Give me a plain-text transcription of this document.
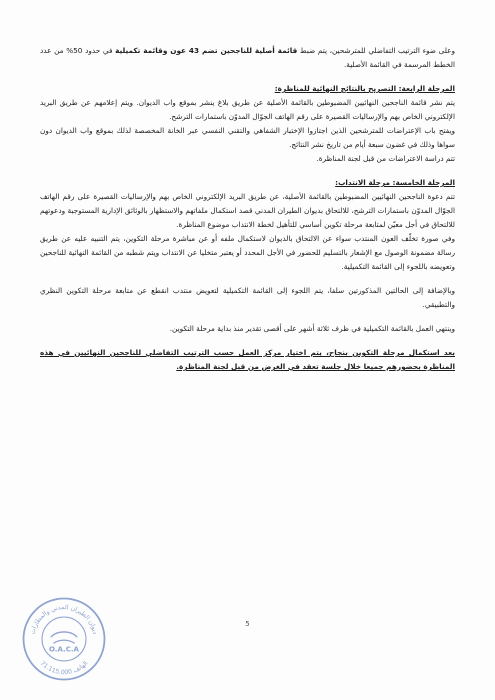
وعلى ضوء الترتيب التفاضلي للمترشحين، يتم ضبط قائمة أصلية للناجحين تضم 43 عون وقائمة تكميلية في حدود 50% من عدد الخطط المرسمة في القائمة الأصلية.

المرحلة الرابعة: التصريح بالنتائج النهائية للمناظرة:

يتم نشر قائمة الناجحين النهائيين المضبوطين بالقائمة الأصلية عن طريق بلاغ ينشر بموقع واب الديوان. ويتم إعلامهم عن طريق البريد الإلكتروني الخاص بهم والإرساليات القصيرة على رقم الهاتف الجوّال المدوّن باستمارات الترشح.

ويفتح باب الإعتراضات للمترشحين الذين اجتازوا الإختبار الشفاهي والتقني النفسي عبر الخانة المخصصة لذلك بموقع واب الديوان دون سواها وذلك في غضون سبعة أيام من تاريخ نشر النتائج.

تتم دراسة الاعتراضات من قبل لجنة المناظرة.

المرحلة الخامسة: مرحلة الانتداب:

تتم دعوة الناجحين النهائيين المضبوطين بالقائمة الأصلية، عن طريق البريد الإلكتروني الخاص بهم والإرساليات القصيرة على رقم الهاتف الجوّال المدوّن باستمارات الترشح، للالتحاق بديوان الطيران المدني قصد استكمال ملفاتهم والاستظهار بالوثائق الإدارية المستوجبة ودعوتهم للالتحاق في أجل معيّن لمتابعة مرحلة تكوين أساسي للتأهيل لخطة الانتداب موضوع المناظرة.

وفي صورة تخلّف العون المنتدب سواء عن الالتحاق بالديوان لاستكمال ملفه أو عن مباشرة مرحلة التكوين، يتم التنبيه عليه عن طريق رسالة مضمونة الوصول مع الإشعار بالتسليم للحضور في الأجل المحدد أو يعتبر متخليا عن الانتداب ويتم شطبه من القائمة النهائية للناجحين وتعويضه باللجوء إلى القائمة التكميلية.

وبالإضافة إلى الحالتين المذكورتين سلفا، يتم اللجوء إلى القائمة التكميلية لتعويض منتدب انقطع عن متابعة مرحلة التكوين النظري والتطبيقي.

وينتهي العمل بالقائمة التكميلية في ظرف ثلاثة أشهر على أقصى تقدير منذ بداية مرحلة التكوين.

بعد استكمال مرحلة التكوين بنجاح، يتم اختيار مركز العمل حسب الترتيب التفاضلي للناجحين النهائيين في هذه المناظرة بحضورهم جميعا خلال جلسة تعقد في الغرض من قبل لجنة المناظرة.

ديوان الطيران المدني والمطارات
71.115.000 الهاتف
O.A.C.A
5
